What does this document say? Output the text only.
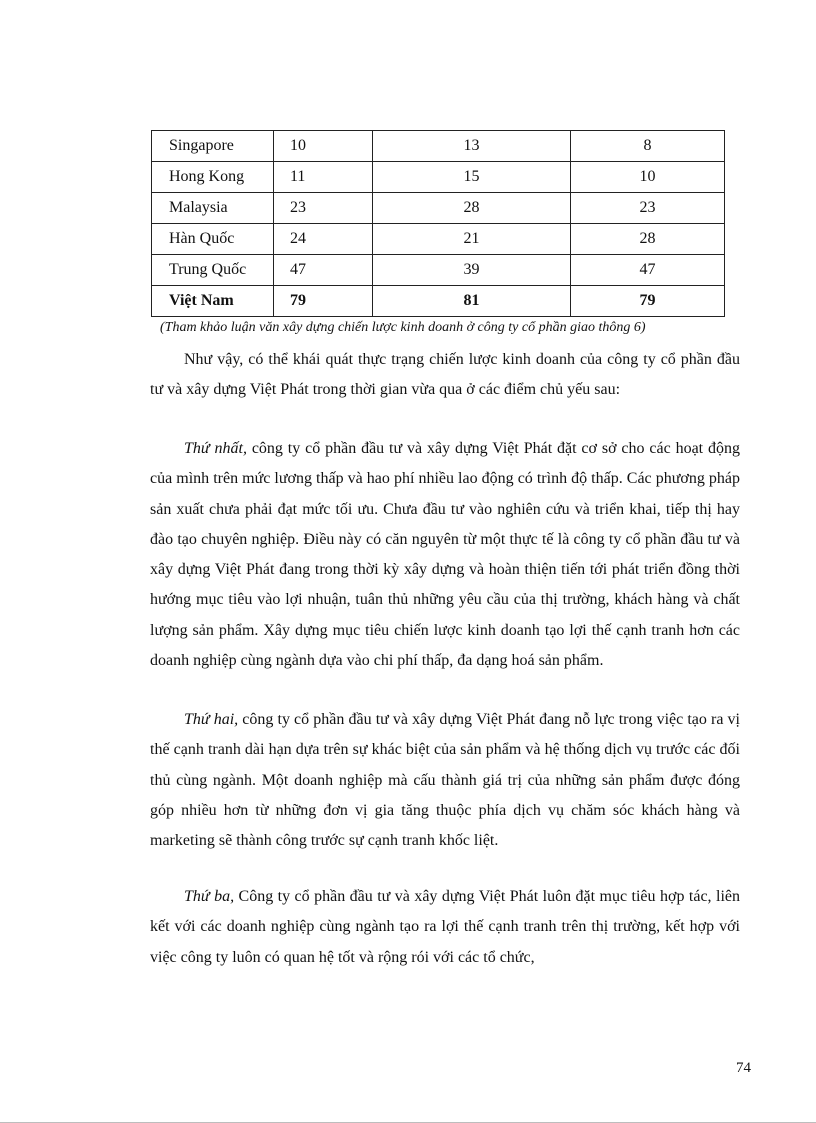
Singapore	10	13	8
Hong Kong	11	15	10
Malaysia	23	28	23
Hàn Quốc	24	21	28
Trung Quốc	47	39	47
Việt Nam	79	81	79
(Tham khảo luận văn xây dựng chiến lược kinh doanh ở công ty cổ phần giao thông 6)

Như vậy, có thể khái quát thực trạng chiến lược kinh doanh của công ty cổ phần đầu tư và xây dựng Việt Phát trong thời gian vừa qua ở các điểm chủ yếu sau:

Thứ nhất, công ty cổ phần đầu tư và xây dựng Việt Phát đặt cơ sở cho các hoạt động của mình trên mức lương thấp và hao phí nhiều lao động có trình độ thấp. Các phương pháp sản xuất chưa phải đạt mức tối ưu. Chưa đầu tư vào nghiên cứu và triển khai, tiếp thị hay đào tạo chuyên nghiệp. Điều này có căn nguyên từ một thực tế là công ty cổ phần đầu tư và xây dựng Việt Phát đang trong thời kỳ xây dựng và hoàn thiện tiến tới phát triển đồng thời hướng mục tiêu vào lợi nhuận, tuân thủ những yêu cầu của thị trường, khách hàng và chất lượng sản phẩm. Xây dựng mục tiêu chiến lược kinh doanh tạo lợi thế cạnh tranh hơn các doanh nghiệp cùng ngành dựa vào chi phí thấp, đa dạng hoá sản phẩm.

Thứ hai, công ty cổ phần đầu tư và xây dựng Việt Phát đang nỗ lực trong việc tạo ra vị thế cạnh tranh dài hạn dựa trên sự khác biệt của sản phẩm và hệ thống dịch vụ trước các đối thủ cùng ngành. Một doanh nghiệp mà cấu thành giá trị của những sản phẩm được đóng góp nhiều hơn từ những đơn vị gia tăng thuộc phía dịch vụ chăm sóc khách hàng và marketing sẽ thành công trước sự cạnh tranh khốc liệt.

Thứ ba, Công ty cổ phần đầu tư và xây dựng Việt Phát luôn đặt mục tiêu hợp tác, liên kết với các doanh nghiệp cùng ngành tạo ra lợi thế cạnh tranh trên thị trường, kết hợp với việc công ty luôn có quan hệ tốt và rộng rói với các tổ chức,

74
